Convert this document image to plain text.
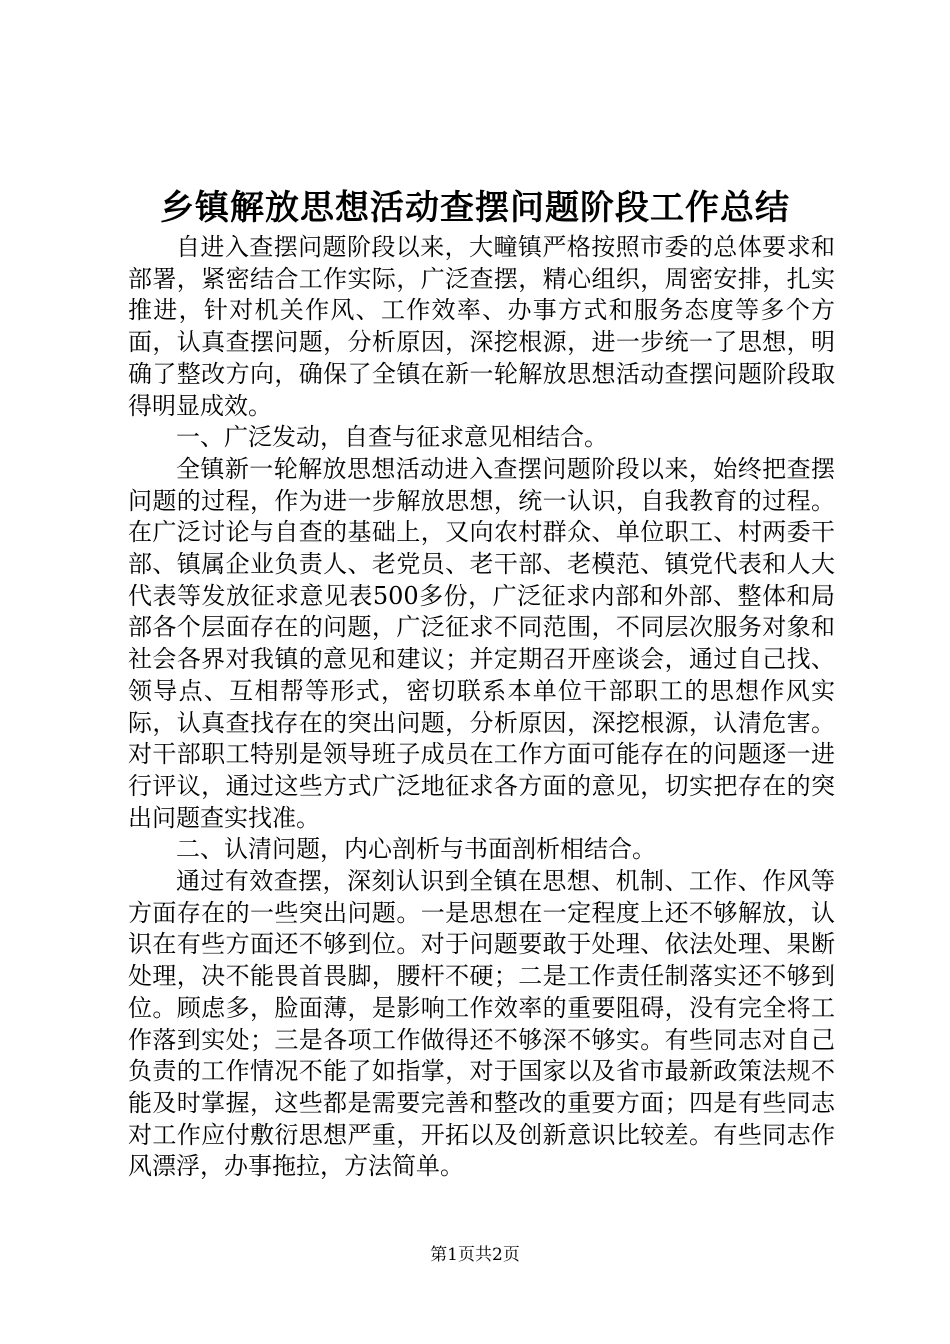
乡镇解放思想活动查摆问题阶段工作总结

自进入查摆问题阶段以来，大疃镇严格按照市委的总体要求和部署，紧密结合工作实际，广泛查摆，精心组织，周密安排，扎实推进，针对机关作风、工作效率、办事方式和服务态度等多个方面，认真查摆问题，分析原因，深挖根源，进一步统一了思想，明确了整改方向，确保了全镇在新一轮解放思想活动查摆问题阶段取得明显成效。

一、广泛发动，自查与征求意见相结合。

全镇新一轮解放思想活动进入查摆问题阶段以来，始终把查摆问题的过程，作为进一步解放思想，统一认识，自我教育的过程。在广泛讨论与自查的基础上，又向农村群众、单位职工、村两委干部、镇属企业负责人、老党员、老干部、老模范、镇党代表和人大代表等发放征求意见表500多份，广泛征求内部和外部、整体和局部各个层面存在的问题，广泛征求不同范围，不同层次服务对象和社会各界对我镇的意见和建议；并定期召开座谈会，通过自己找、领导点、互相帮等形式，密切联系本单位干部职工的思想作风实际，认真查找存在的突出问题，分析原因，深挖根源，认清危害。对干部职工特别是领导班子成员在工作方面可能存在的问题逐一进行评议，通过这些方式广泛地征求各方面的意见，切实把存在的突出问题查实找准。

二、认清问题，内心剖析与书面剖析相结合。

通过有效查摆，深刻认识到全镇在思想、机制、工作、作风等方面存在的一些突出问题。一是思想在一定程度上还不够解放，认识在有些方面还不够到位。对于问题要敢于处理、依法处理、果断处理，决不能畏首畏脚，腰杆不硬；二是工作责任制落实还不够到位。顾虑多，脸面薄，是影响工作效率的重要阻碍，没有完全将工作落到实处；三是各项工作做得还不够深不够实。有些同志对自己负责的工作情况不能了如指掌，对于国家以及省市最新政策法规不能及时掌握，这些都是需要完善和整改的重要方面；四是有些同志对工作应付敷衍思想严重，开拓以及创新意识比较差。有些同志作风漂浮，办事拖拉，方法简单。

第1页共2页
